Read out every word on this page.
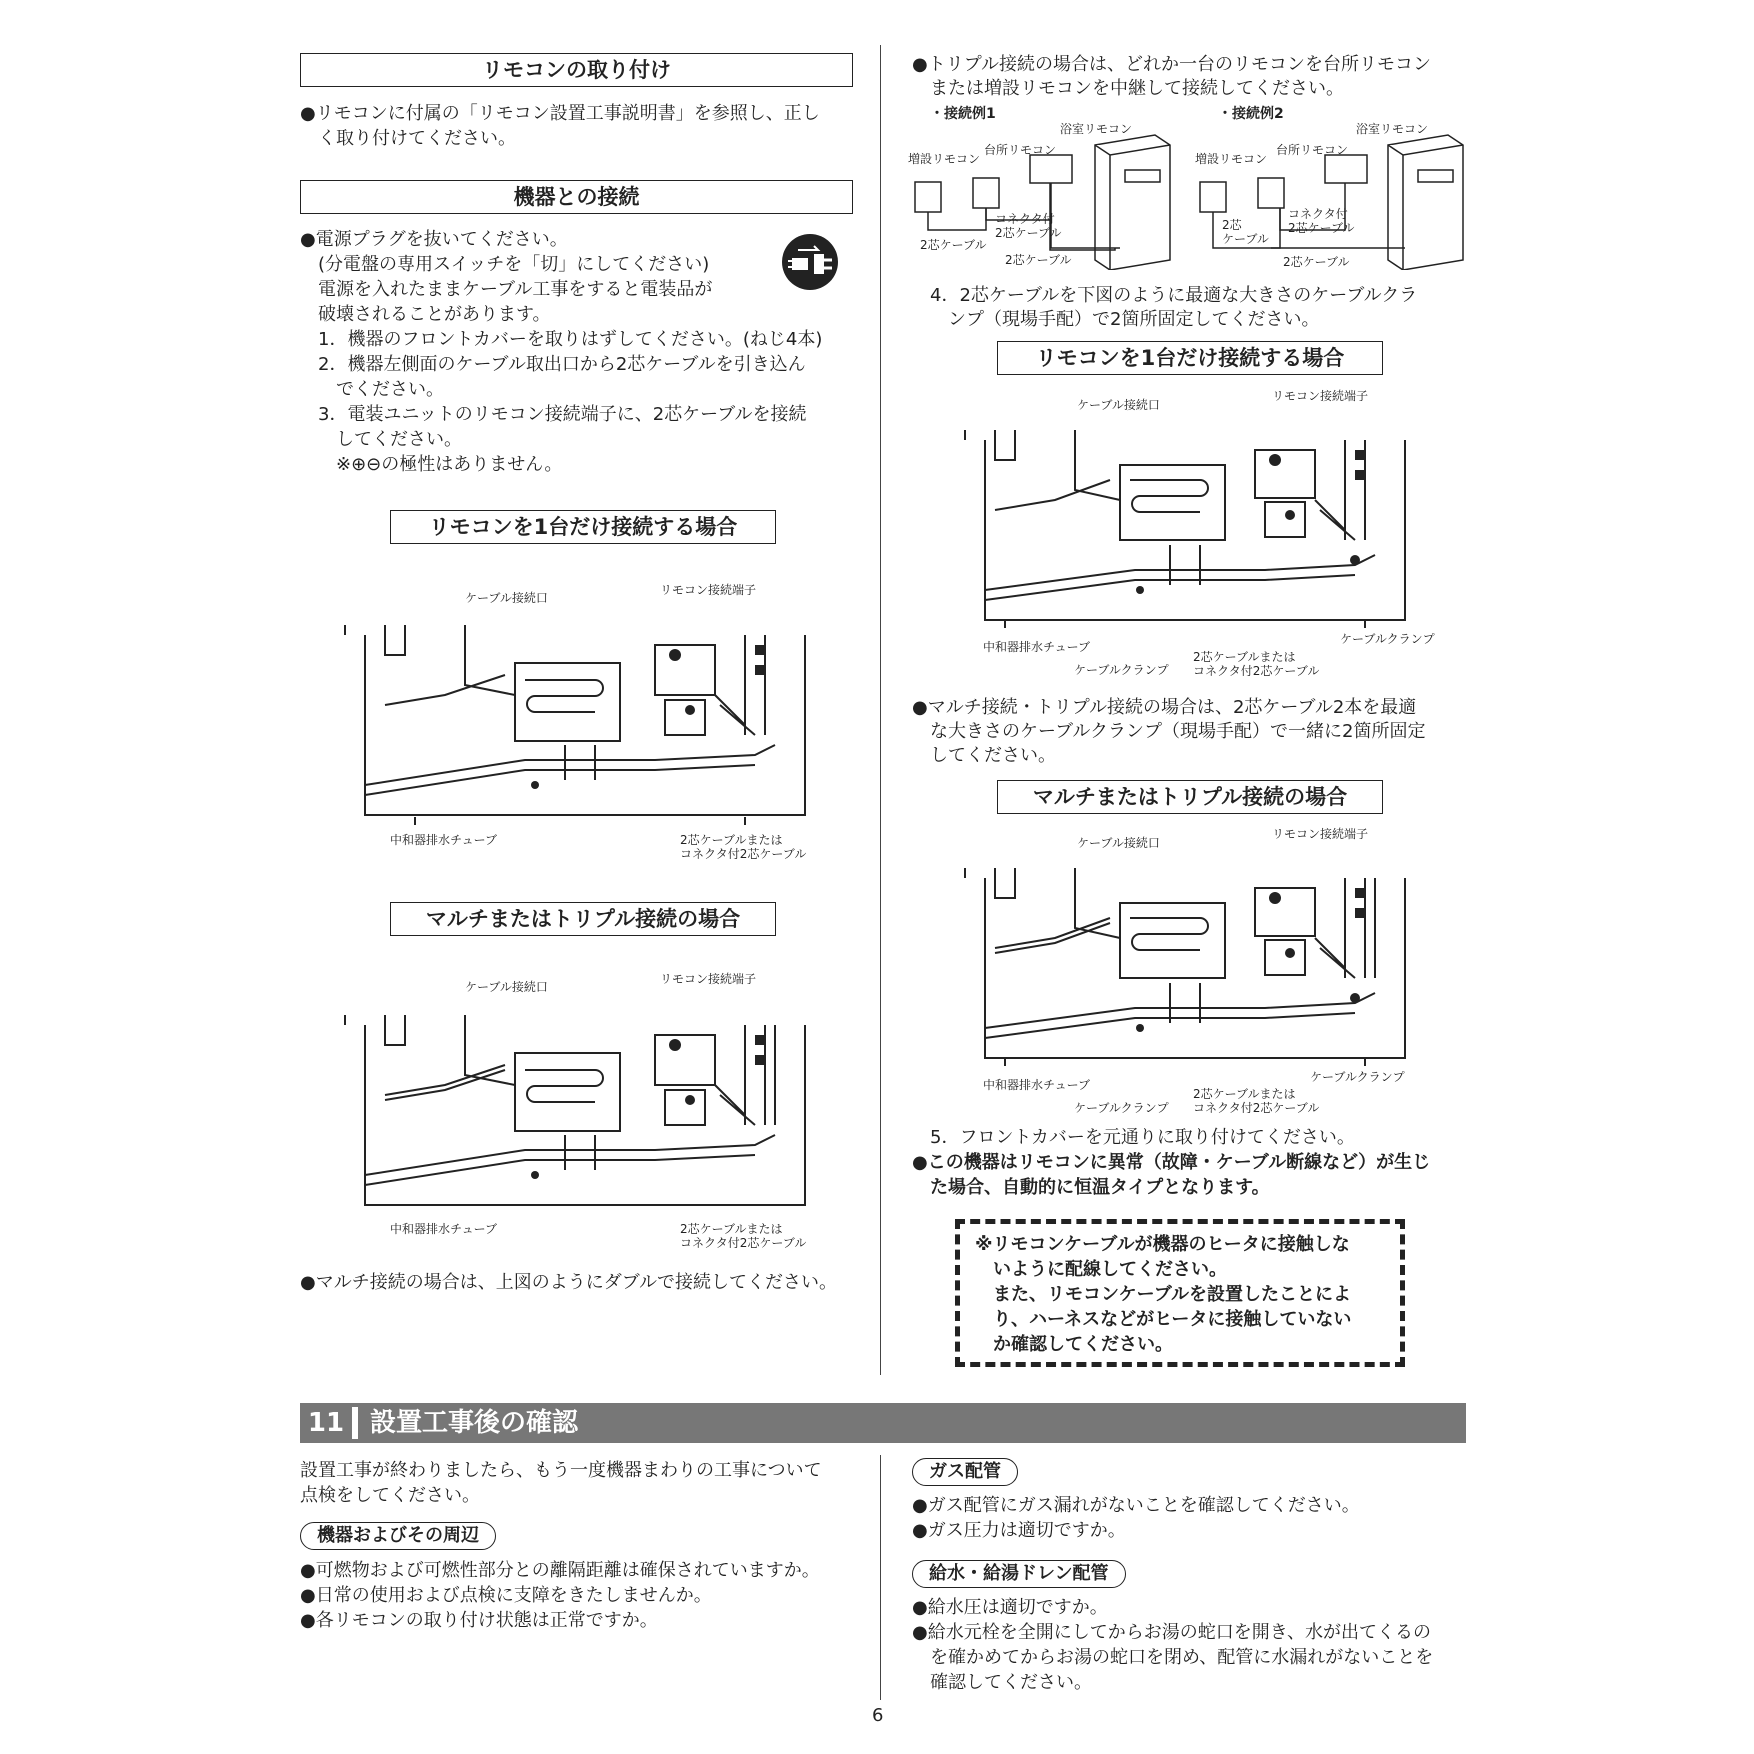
リモコンの取り付け
●リモコンに付属の「リモコン設置工事説明書」を参照し、正し
　く取り付けてください。
機器との接続
●電源プラグを抜いてください。
　(分電盤の専用スイッチを「切」にしてください)
　電源を入れたままケーブル工事をすると電装品が
　破壊されることがあります。
　1．機器のフロントカバーを取りはずしてください。(ねじ4本)
　2．機器左側面のケーブル取出口から2芯ケーブルを引き込ん
　　でください。
　3．電装ユニットのリモコン接続端子に、2芯ケーブルを接続
　　してください。
　　※⊕⊖の極性はありません。
リモコンを1台だけ接続する場合
ケーブル接続口
リモコン接続端子
中和器排水チューブ	2芯ケーブルまたは
コネクタ付2芯ケーブル
マルチまたはトリプル接続の場合
ケーブル接続口
リモコン接続端子
中和器排水チューブ	2芯ケーブルまたは
コネクタ付2芯ケーブル
●マルチ接続の場合は、上図のようにダブルで接続してください。
●トリプル接続の場合は、どれか一台のリモコンを台所リモコン
　または増設リモコンを中継して接続してください。
・接続例1	・接続例2
浴室リモコン
台所リモコン
増設リモコン
コネクタ付
2芯ケーブル
2芯ケーブル
2芯ケーブル
浴室リモコン
台所リモコン
増設リモコン
コネクタ付
2芯ケーブル
2芯
ケーブル
2芯ケーブル
　4．2芯ケーブルを下図のように最適な大きさのケーブルクラ
　　ンプ（現場手配）で2箇所固定してください。
リモコンを1台だけ接続する場合
ケーブル接続口
リモコン接続端子
中和器排水チューブ
ケーブルクランプ
2芯ケーブルまたは
コネクタ付2芯ケーブル
ケーブルクランプ
●マルチ接続・トリプル接続の場合は、2芯ケーブル2本を最適
　な大きさのケーブルクランプ（現場手配）で一緒に2箇所固定
　してください。
マルチまたはトリプル接続の場合
ケーブル接続口
リモコン接続端子
中和器排水チューブ
ケーブルクランプ
2芯ケーブルまたは
コネクタ付2芯ケーブル
ケーブルクランプ
　5．フロントカバーを元通りに取り付けてください。
●この機器はリモコンに異常（故障・ケーブル断線など）が生じ
　た場合、自動的に恒温タイプとなります。
※リモコンケーブルが機器のヒータに接触しな
　いように配線してください。
　また、リモコンケーブルを設置したことによ
　り、ハーネスなどがヒータに接触していない
　か確認してください。
11 設置工事後の確認
設置工事が終わりましたら、もう一度機器まわりの工事について
点検をしてください。
機器およびその周辺
●可燃物および可燃性部分との離隔距離は確保されていますか。
●日常の使用および点検に支障をきたしませんか。
●各リモコンの取り付け状態は正常ですか。
ガス配管
●ガス配管にガス漏れがないことを確認してください。
●ガス圧力は適切ですか。
給水・給湯ドレン配管
●給水圧は適切ですか。
●給水元栓を全開にしてからお湯の蛇口を開き、水が出てくるの
　を確かめてからお湯の蛇口を閉め、配管に水漏れがないことを
　確認してください。
6
